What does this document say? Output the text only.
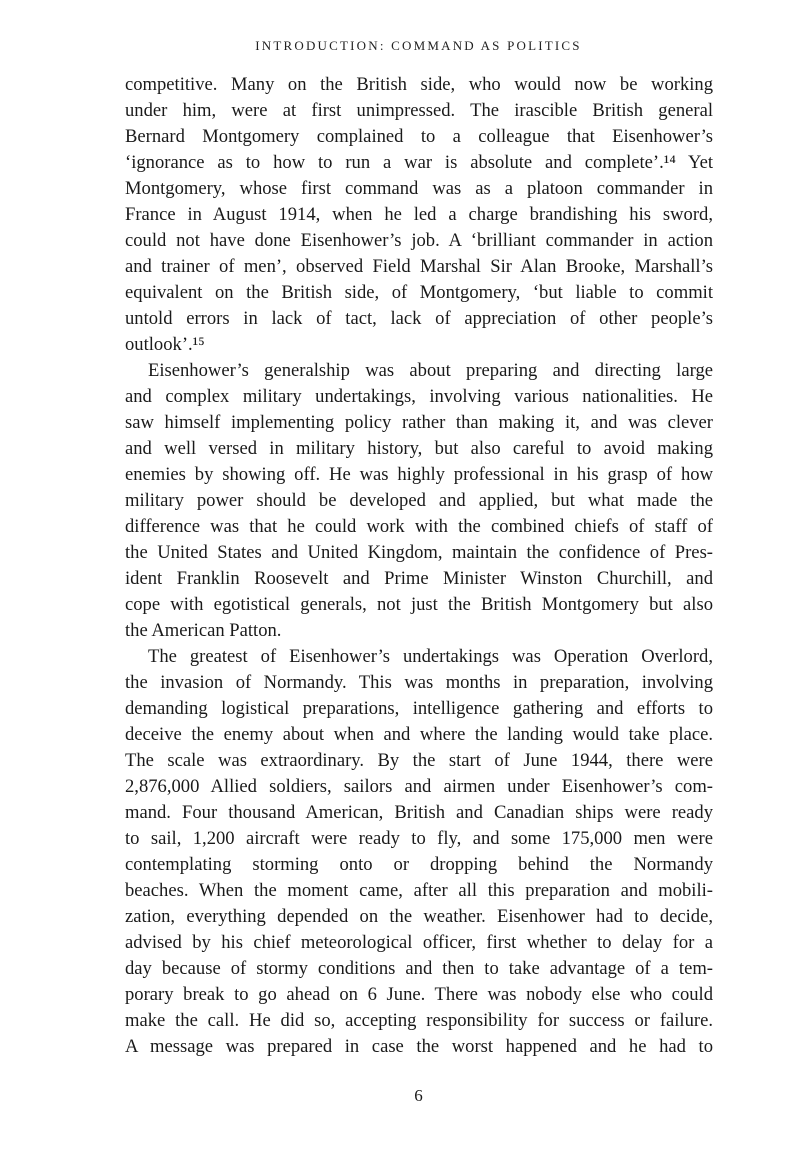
INTRODUCTION: COMMAND AS POLITICS
competitive. Many on the British side, who would now be working
under him, were at first unimpressed. The irascible British general
Bernard Montgomery complained to a colleague that Eisenhower’s
‘ignorance as to how to run a war is absolute and complete’.¹⁴ Yet
Montgomery, whose first command was as a platoon commander in
France in August 1914, when he led a charge brandishing his sword,
could not have done Eisenhower’s job. A ‘brilliant commander in action
and trainer of men’, observed Field Marshal Sir Alan Brooke, Marshall’s
equivalent on the British side, of Montgomery, ‘but liable to commit
untold errors in lack of tact, lack of appreciation of other people’s
outlook’.¹⁵
Eisenhower’s generalship was about preparing and directing large
and complex military undertakings, involving various nationalities. He
saw himself implementing policy rather than making it, and was clever
and well versed in military history, but also careful to avoid making
enemies by showing off. He was highly professional in his grasp of how
military power should be developed and applied, but what made the
difference was that he could work with the combined chiefs of staff of
the United States and United Kingdom, maintain the confidence of Pres-
ident Franklin Roosevelt and Prime Minister Winston Churchill, and
cope with egotistical generals, not just the British Montgomery but also
the American Patton.
The greatest of Eisenhower’s undertakings was Operation Overlord,
the invasion of Normandy. This was months in preparation, involving
demanding logistical preparations, intelligence gathering and efforts to
deceive the enemy about when and where the landing would take place.
The scale was extraordinary. By the start of June 1944, there were
2,876,000 Allied soldiers, sailors and airmen under Eisenhower’s com-
mand. Four thousand American, British and Canadian ships were ready
to sail, 1,200 aircraft were ready to fly, and some 175,000 men were
contemplating storming onto or dropping behind the Normandy
beaches. When the moment came, after all this preparation and mobili-
zation, everything depended on the weather. Eisenhower had to decide,
advised by his chief meteorological officer, first whether to delay for a
day because of stormy conditions and then to take advantage of a tem-
porary break to go ahead on 6 June. There was nobody else who could
make the call. He did so, accepting responsibility for success or failure.
A message was prepared in case the worst happened and he had to
6
